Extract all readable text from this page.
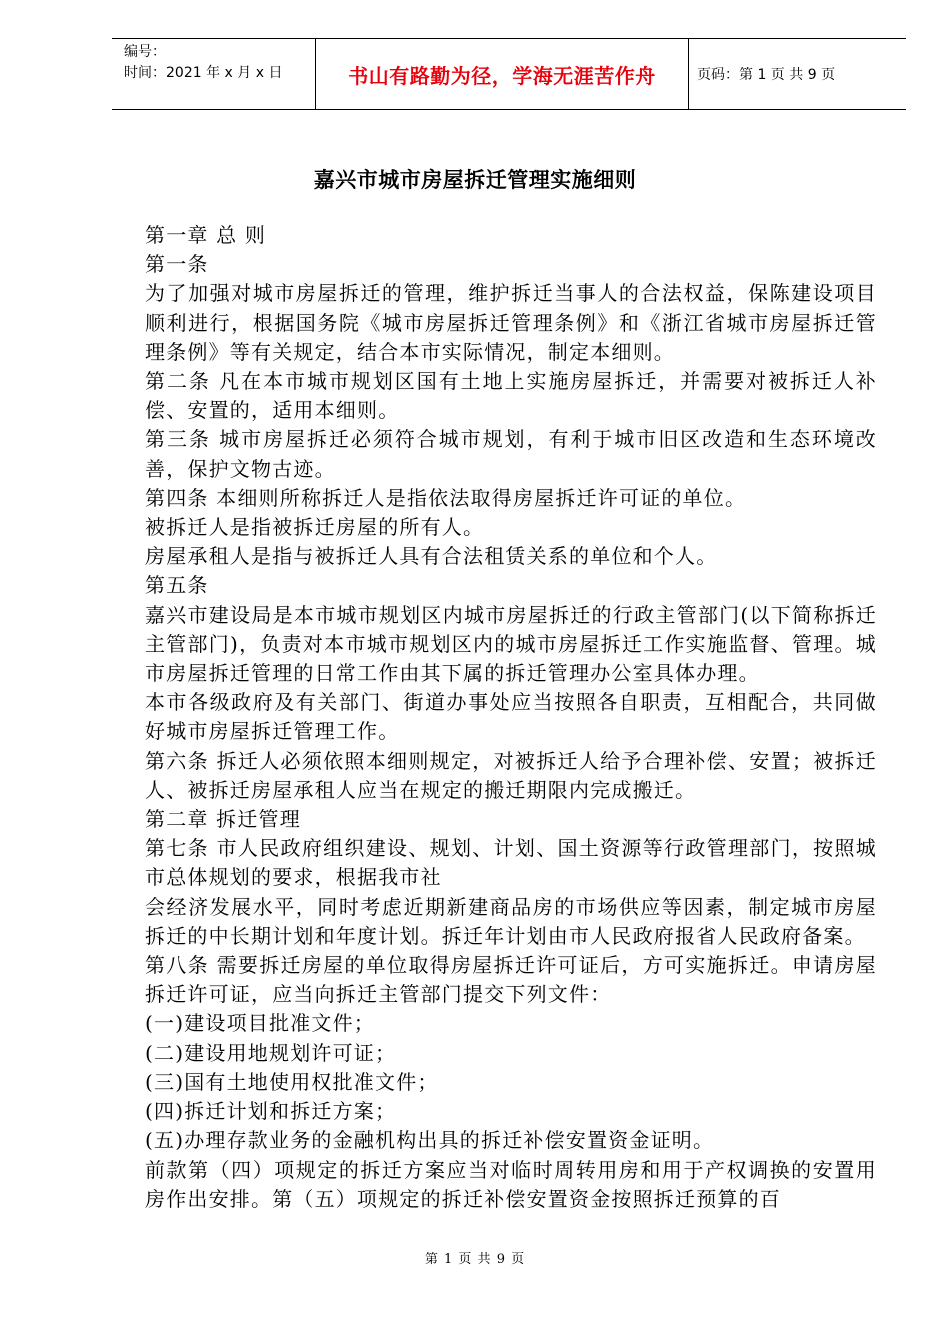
编号：
时间：2021 年 x 月 x 日	书山有路勤为径，学海无涯苦作舟	页码：第 1 页 共 9 页
嘉兴市城市房屋拆迁管理实施细则

第一章 总 则

第一条

为了加强对城市房屋拆迁的管理，维护拆迁当事人的合法权益，保陈建设项目顺利进行，根据国务院《城市房屋拆迁管理条例》和《浙江省城市房屋拆迁管理条例》等有关规定，结合本市实际情况，制定本细则。

第二条 凡在本市城市规划区国有土地上实施房屋拆迁，并需要对被拆迁人补偿、安置的，适用本细则。

第三条 城市房屋拆迁必须符合城市规划，有利于城市旧区改造和生态环境改善，保护文物古迹。

第四条 本细则所称拆迁人是指依法取得房屋拆迁许可证的单位。

被拆迁人是指被拆迁房屋的所有人。

房屋承租人是指与被拆迁人具有合法租赁关系的单位和个人。

第五条

嘉兴市建设局是本市城市规划区内城市房屋拆迁的行政主管部门(以下简称拆迁主管部门)，负责对本市城市规划区内的城市房屋拆迁工作实施监督、管理。城市房屋拆迁管理的日常工作由其下属的拆迁管理办公室具体办理。

本市各级政府及有关部门、街道办事处应当按照各自职责，互相配合，共同做好城市房屋拆迁管理工作。

第六条 拆迁人必须依照本细则规定，对被拆迁人给予合理补偿、安置；被拆迁人、被拆迁房屋承租人应当在规定的搬迁期限内完成搬迁。

第二章 拆迁管理

第七条 市人民政府组织建设、规划、计划、国土资源等行政管理部门，按照城市总体规划的要求，根据我市社

会经济发展水平，同时考虑近期新建商品房的市场供应等因素，制定城市房屋拆迁的中长期计划和年度计划。拆迁年计划由市人民政府报省人民政府备案。

第八条 需要拆迁房屋的单位取得房屋拆迁许可证后，方可实施拆迁。申请房屋拆迁许可证，应当向拆迁主管部门提交下列文件：

(一)建设项目批准文件；

(二)建设用地规划许可证；

(三)国有土地使用权批准文件；

(四)拆迁计划和拆迁方案；

(五)办理存款业务的金融机构出具的拆迁补偿安置资金证明。

前款第（四）项规定的拆迁方案应当对临时周转用房和用于产权调换的安置用房作出安排。第（五）项规定的拆迁补偿安置资金按照拆迁预算的百

第 1 页 共 9 页
